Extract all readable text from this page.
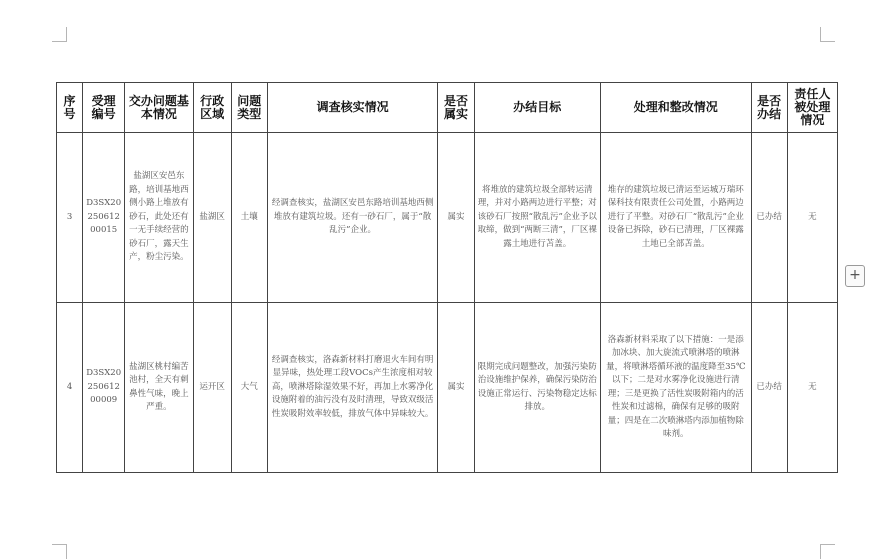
序号	受理编号	交办问题基本情况	行政区域	问题类型	调查核实情况	是否属实	办结目标	处理和整改情况	是否办结	责任人被处理情况
3	D3SX2025061200015	盐湖区安邑东路，培训基地西侧小路上堆放有砂石，此处还有一无手续经营的砂石厂，露天生产，粉尘污染。	盐湖区	土壤	经调查核实，盐湖区安邑东路培训基地西侧堆放有建筑垃圾。还有一砂石厂，属于“散乱污”企业。	属实	将堆放的建筑垃圾全部转运清理，并对小路两边进行平整；对该砂石厂按照“散乱污”企业予以取缔，做到“两断三清”，厂区裸露土地进行苫盖。	堆存的建筑垃圾已清运至运城万瑞环保科技有限责任公司处置，小路两边进行了平整。对砂石厂“散乱污”企业设备已拆除，砂石已清理，厂区裸露土地已全部苫盖。	已办结	无
4	D3SX2025061200009	盐湖区桃村编苦池村，全天有刺鼻性气味，晚上严重。	运开区	大气	经调查核实，洛森新材料打磨退火车间有明显异味，热处理工段VOCs产生浓度相对较高，喷淋塔除湿效果不好，再加上水雾净化设施附着的油污没有及时清理，导致双级活性炭吸附效率较低，排放气体中异味较大。	属实	限期完成问题整改，加强污染防治设施维护保养，确保污染防治设施正常运行、污染物稳定达标排放。	洛森新材料采取了以下措施：一是添加冰块、加大旋流式喷淋塔的喷淋量，将喷淋塔循环液的温度降至35℃以下；二是对水雾净化设施进行清理；三是更换了活性炭吸附箱内的活性炭和过滤棉，确保有足够的吸附量；四是在二次喷淋塔内添加植物除味剂。	已办结	无
+
